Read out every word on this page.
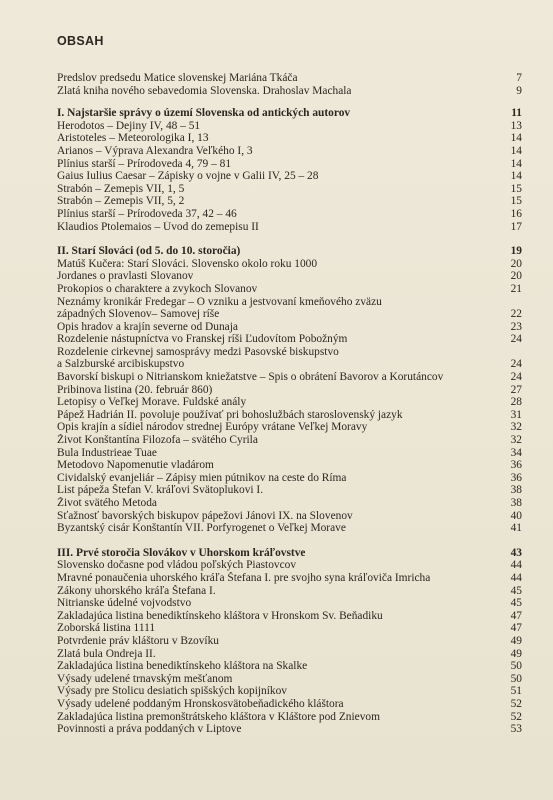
OBSAH
Predslov predsedu Matice slovenskej Mariána Tkáča	7
Zlatá kniha nového sebavedomia Slovenska. Drahoslav Machala	9
I. Najstaršie správy o území Slovenska od antických autorov	11
Herodotos – Dejiny IV, 48 – 51	13
Aristoteles – Meteorologika I, 13	14
Arianos – Výprava Alexandra Veľkého I, 3	14
Plínius starší – Prírodoveda 4, 79 – 81	14
Gaius Iulius Caesar – Zápisky o vojne v Galii IV, 25 – 28	14
Strabón – Zemepis VII, 1, 5	15
Strabón – Zemepis VII, 5, 2	15
Plínius starší – Prírodoveda 37, 42 – 46	16
Klaudios Ptolemaios – Úvod do zemepisu II	17
II. Starí Slováci (od 5. do 10. storočia)	19
Matúš Kučera: Starí Slováci. Slovensko okolo roku 1000	20
Jordanes o pravlasti Slovanov	20
Prokopios o charaktere a zvykoch Slovanov	21
Neznámy kronikár Fredegar – O vzniku a jestvovaní kmeňového zväzu
západných Slovenov– Samovej ríše	22
Opis hradov a krajín severne od Dunaja	23
Rozdelenie nástupníctva vo Franskej ríši Ľudovítom Pobožným	24
Rozdelenie cirkevnej samosprávy medzi Pasovské biskupstvo
a Salzburské arcibiskupstvo	24
Bavorskí biskupi o Nitrianskom kniežatstve – Spis o obrátení Bavorov a Korutáncov	24
Pribinova listina (20. február 860)	27
Letopisy o Veľkej Morave. Fuldské anály	28
Pápež Hadrián II. povoluje používať pri bohoslužbách staroslovenský jazyk	31
Opis krajín a sídiel národov strednej Európy vrátane Veľkej Moravy	32
Život Konštantína Filozofa – svätého Cyrila	32
Bula Industrieae Tuae	34
Metodovo Napomenutie vladárom	36
Cividalský evanjeliár – Zápisy mien pútnikov na ceste do Ríma	36
List pápeža Štefan V. kráľovi Svätoplukovi I.	38
Život svätého Metoda	38
Sťažnosť bavorských biskupov pápežovi Jánovi IX. na Slovenov	40
Byzantský cisár Konštantín VII. Porfyrogenet o Veľkej Morave	41
III. Prvé storočia Slovákov v Uhorskom kráľovstve	43
Slovensko dočasne pod vládou poľských Piastovcov	44
Mravné ponaučenia uhorského kráľa Štefana I. pre svojho syna kráľoviča Imricha	44
Zákony uhorského kráľa Štefana I.	45
Nitrianske údelné vojvodstvo	45
Zakladajúca listina benediktínskeho kláštora v Hronskom Sv. Beňadiku	47
Zoborská listina 1111	47
Potvrdenie práv kláštoru v Bzovíku	49
Zlatá bula Ondreja II.	49
Zakladajúca listina benediktínskeho kláštora na Skalke	50
Výsady udelené trnavským mešťanom	50
Výsady pre Stolicu desiatich spišských kopijníkov	51
Výsady udelené poddaným Hronskosvätobeňadického kláštora	52
Zakladajúca listina premonštrátskeho kláštora v Kláštore pod Znievom	52
Povinnosti a práva poddaných v Liptove	53
